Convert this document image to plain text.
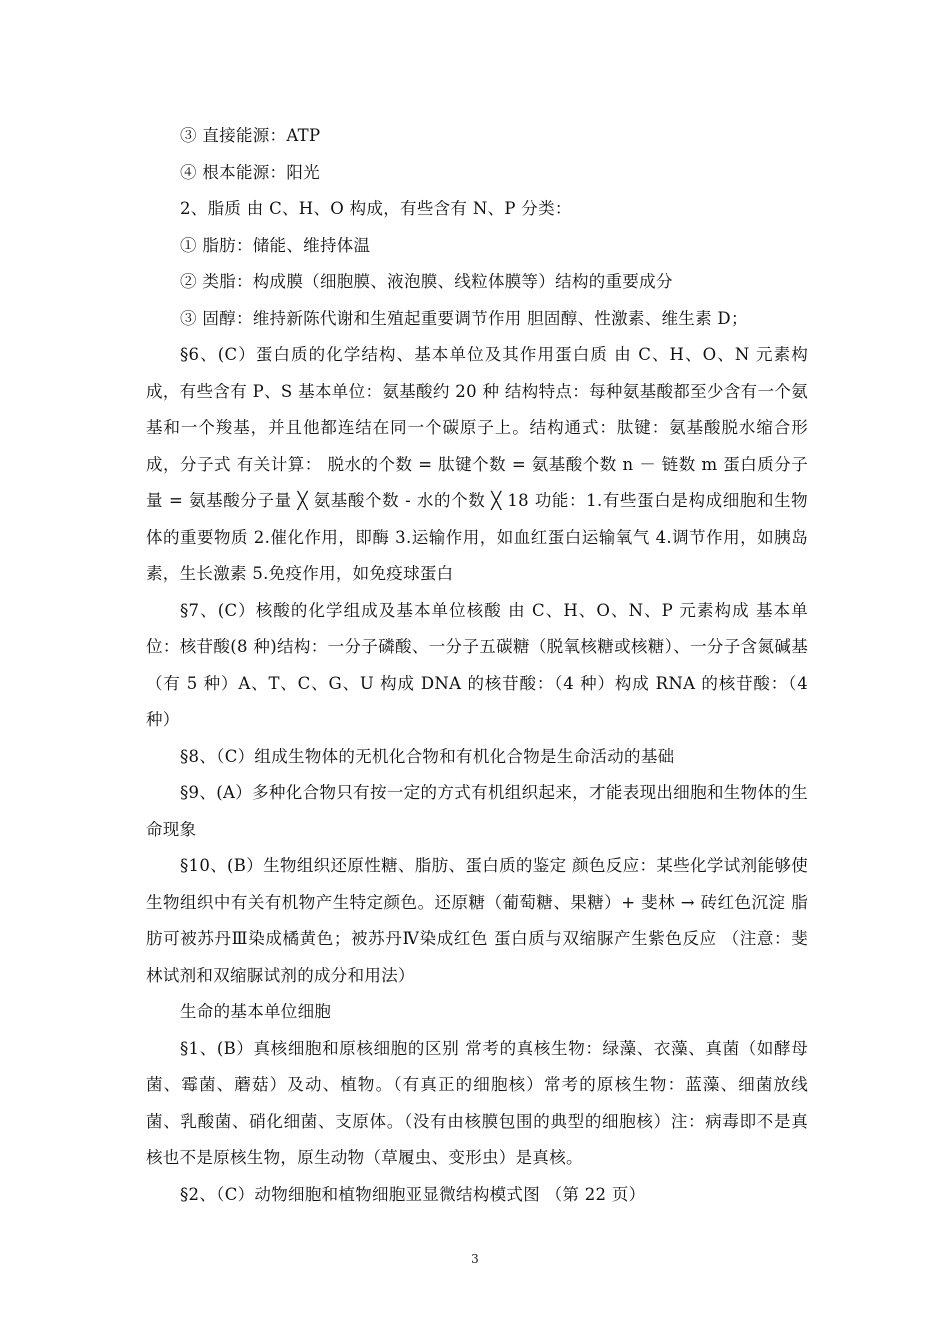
③ 直接能源：ATP

④ 根本能源：阳光

2、脂质 由 C、H、O 构成，有些含有 N、P 分类：

① 脂肪：储能、维持体温

② 类脂：构成膜（细胞膜、液泡膜、线粒体膜等）结构的重要成分

③ 固醇：维持新陈代谢和生殖起重要调节作用 胆固醇、性激素、维生素 D；

§6、(C）蛋白质的化学结构、基本单位及其作用蛋白质 由 C、H、O、N 元素构成，有些含有 P、S 基本单位：氨基酸约 20 种 结构特点：每种氨基酸都至少含有一个氨基和一个羧基，并且他都连结在同一个碳原子上。结构通式：肽键：氨基酸脱水缩合形成，分子式 有关计算： 脱水的个数 = 肽键个数 = 氨基酸个数 n － 链数 m 蛋白质分子量 = 氨基酸分子量 ╳ 氨基酸个数 - 水的个数 ╳ 18 功能：1.有些蛋白是构成细胞和生物体的重要物质 2.催化作用，即酶 3.运输作用，如血红蛋白运输氧气 4.调节作用，如胰岛素，生长激素 5.免疫作用，如免疫球蛋白

§7、(C）核酸的化学组成及基本单位核酸 由 C、H、O、N、P 元素构成 基本单位：核苷酸(8 种)结构：一分子磷酸、一分子五碳糖（脱氧核糖或核糖）、一分子含氮碱基（有 5 种）A、T、C、G、U 构成 DNA 的核苷酸：（4 种）构成 RNA 的核苷酸：（4 种）

§8、（C）组成生物体的无机化合物和有机化合物是生命活动的基础

§9、(A）多种化合物只有按一定的方式有机组织起来，才能表现出细胞和生物体的生命现象

§10、(B）生物组织还原性糖、脂肪、蛋白质的鉴定 颜色反应：某些化学试剂能够使生物组织中有关有机物产生特定颜色。还原糖（葡萄糖、果糖）+ 斐林 → 砖红色沉淀 脂肪可被苏丹Ⅲ染成橘黄色；被苏丹Ⅳ染成红色 蛋白质与双缩脲产生紫色反应 （注意：斐林试剂和双缩脲试剂的成分和用法）

生命的基本单位细胞

§1、(B）真核细胞和原核细胞的区别 常考的真核生物：绿藻、衣藻、真菌（如酵母菌、霉菌、蘑菇）及动、植物。（有真正的细胞核）常考的原核生物：蓝藻、细菌放线菌、乳酸菌、硝化细菌、支原体。（没有由核膜包围的典型的细胞核）注：病毒即不是真核也不是原核生物，原生动物（草履虫、变形虫）是真核。

§2、（C）动物细胞和植物细胞亚显微结构模式图 （第 22 页）

3
